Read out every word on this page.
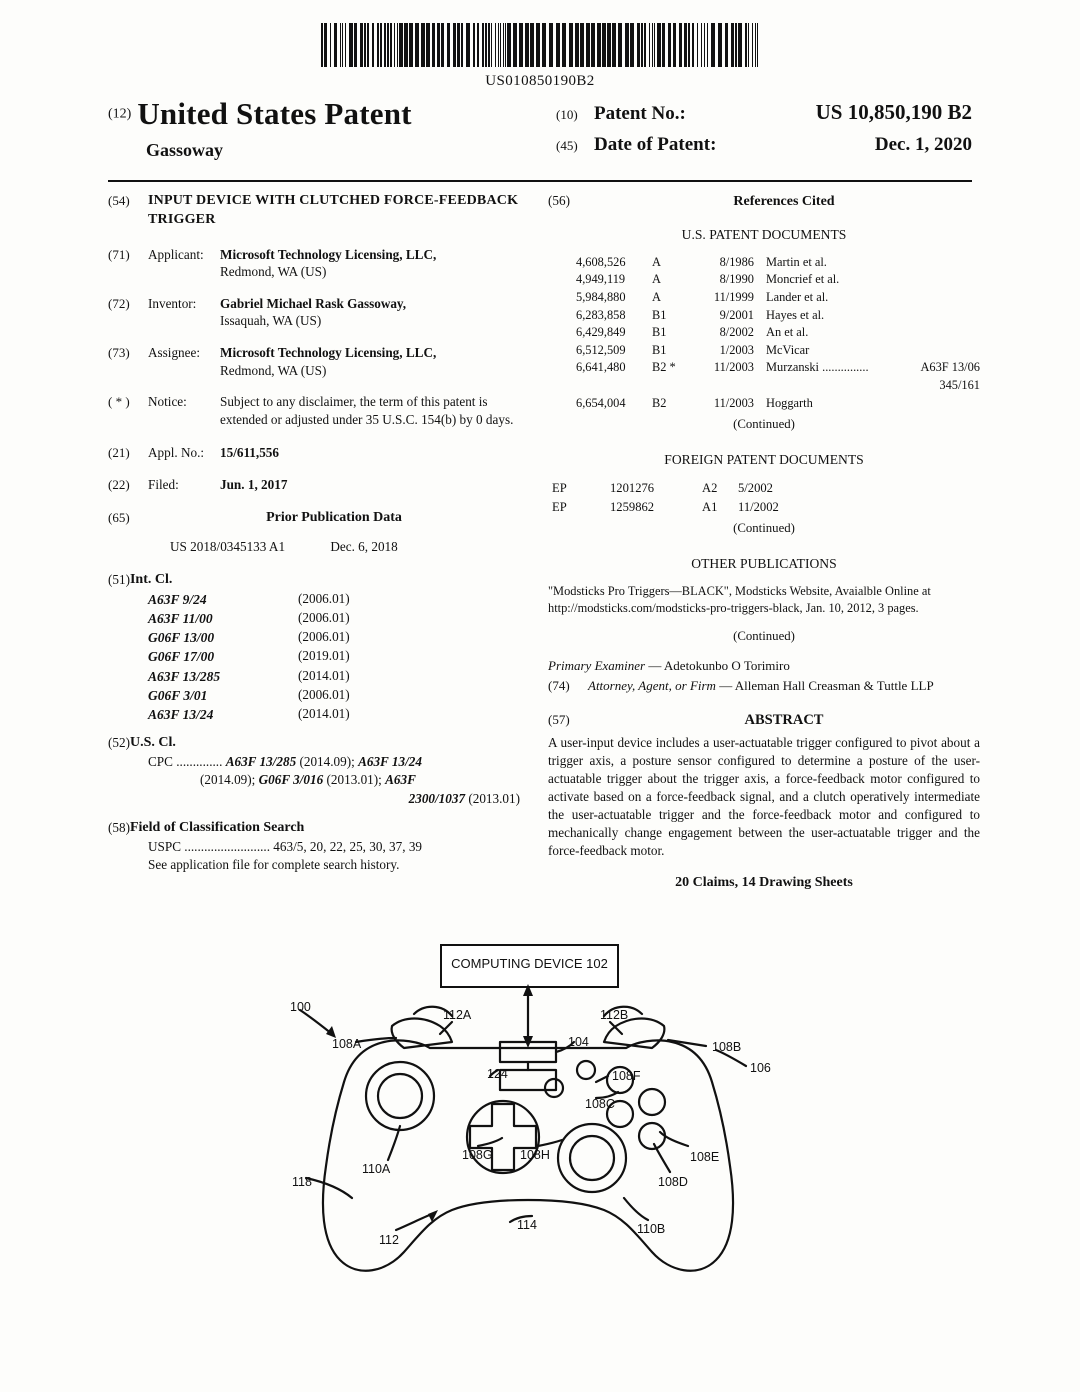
US010850190B2
(12) United States Patent
Gassoway
(10) Patent No.:	US 10,850,190 B2
(45) Date of Patent:	Dec. 1, 2020
(54)	INPUT DEVICE WITH CLUTCHED FORCE-FEEDBACK TRIGGER
(71)	Applicant:	Microsoft Technology Licensing, LLC,
Redmond, WA (US)
(72)	Inventor:	Gabriel Michael Rask Gassoway,
Issaquah, WA (US)
(73)	Assignee:	Microsoft Technology Licensing, LLC,
Redmond, WA (US)
( * )	Notice:	Subject to any disclaimer, the term of this patent is extended or adjusted under 35 U.S.C. 154(b) by 0 days.
(21)	Appl. No.:	15/611,556
(22)	Filed:	Jun. 1, 2017
(65)	Prior Publication Data
US 2018/0345133 A1	Dec. 6, 2018
(51) Int. Cl.
A63F 9/24	(2006.01)
A63F 11/00	(2006.01)
G06F 13/00	(2006.01)
G06F 17/00	(2019.01)
A63F 13/285	(2014.01)
G06F 3/01	(2006.01)
A63F 13/24	(2014.01)
(52) U.S. Cl.
CPC .............. A63F 13/285 (2014.09); A63F 13/24
(2014.09); G06F 3/016 (2013.01); A63F
2300/1037 (2013.01)
(58) Field of Classification Search
USPC .......................... 463/5, 20, 22, 25, 30, 37, 39
See application file for complete search history.
(56)	References Cited
U.S. PATENT DOCUMENTS
4,608,526	A	8/1986 Martin et al.
4,949,119	A	8/1990 Moncrief et al.
5,984,880	A	11/1999 Lander et al.
6,283,858	B1	9/2001 Hayes et al.
6,429,849	B1	8/2002 An et al.
6,512,509	B1	1/2003 McVicar
6,641,480	B2 *	11/2003 Murzanski ...............	A63F 13/06
345/161
6,654,004	B2	11/2003 Hoggarth
(Continued)
FOREIGN PATENT DOCUMENTS
EP	1201276	A2	5/2002
EP	1259862	A1	11/2002
(Continued)
OTHER PUBLICATIONS
"Modsticks Pro Triggers—BLACK", Modsticks Website, Avaialble Online at http://modsticks.com/modsticks-pro-triggers-black, Jan. 10, 2012, 3 pages.
(Continued)
Primary Examiner — Adetokunbo O Torimiro
(74)	Attorney, Agent, or Firm — Alleman Hall Creasman & Tuttle LLP
(57)	ABSTRACT
A user-input device includes a user-actuatable trigger configured to pivot about a trigger axis, a posture sensor configured to determine a posture of the user-actuatable trigger about the trigger axis, a force-feedback motor configured to activate based on a force-feedback signal, and a clutch operatively intermediate the user-actuatable trigger and the force-feedback motor and configured to mechanically change engagement between the user-actuatable trigger and the force-feedback motor.
20 Claims, 14 Drawing Sheets
COMPUTING DEVICE 102
100
112A	112B
108A	104	108B
106
124	108F
108C
108G 108H	108E
110A
108D
118
114	110B
112
